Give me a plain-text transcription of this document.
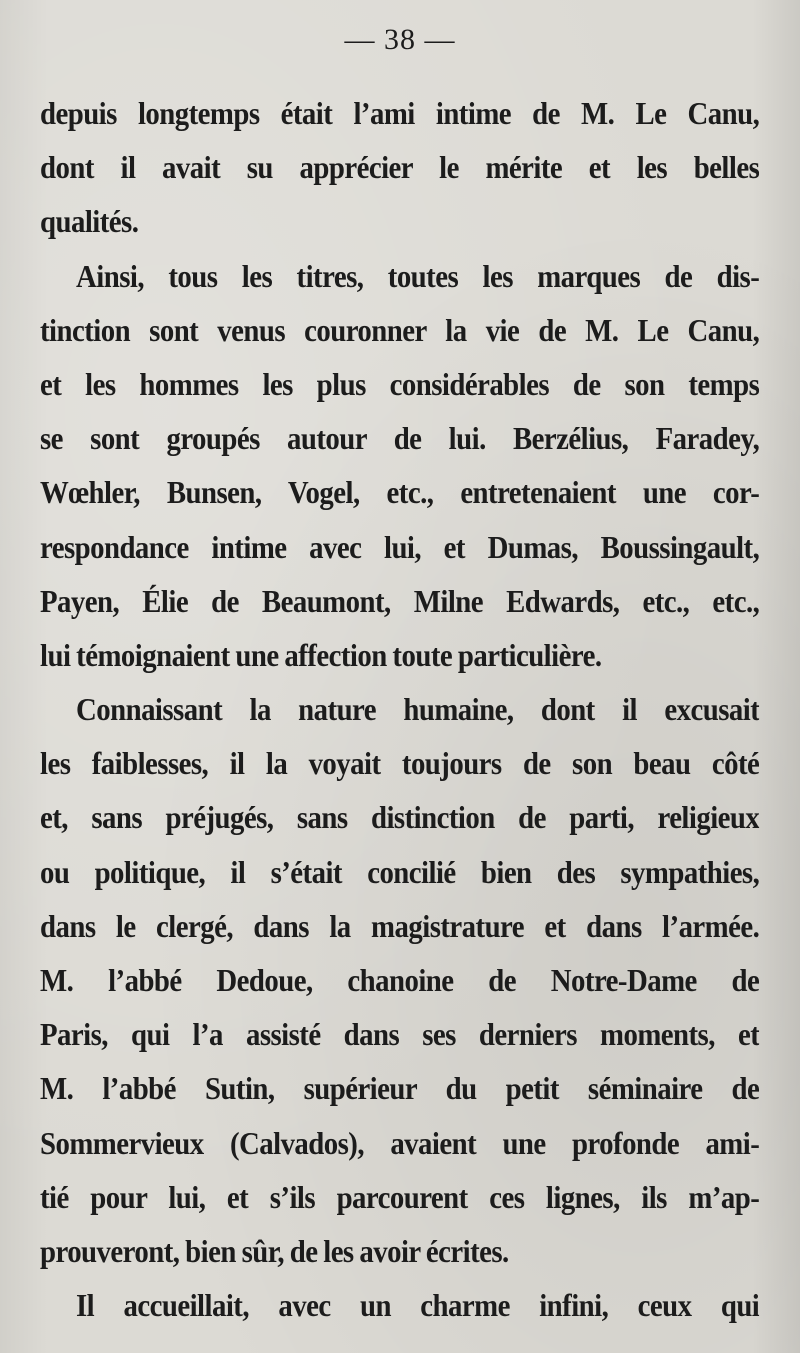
— 38 —
depuis longtemps était l’ami intime de M. Le Canu,
dont il avait su apprécier le mérite et les belles
qualités.
Ainsi, tous les titres, toutes les marques de dis-
tinction sont venus couronner la vie de M. Le Canu,
et les hommes les plus considérables de son temps
se sont groupés autour de lui. Berzélius, Faradey,
Wœhler, Bunsen, Vogel, etc., entretenaient une cor-
respondance intime avec lui, et Dumas, Boussingault,
Payen, Élie de Beaumont, Milne Edwards, etc., etc.,
lui témoignaient une affection toute particulière.
Connaissant la nature humaine, dont il excusait
les faiblesses, il la voyait toujours de son beau côté
et, sans préjugés, sans distinction de parti, religieux
ou politique, il s’était concilié bien des sympathies,
dans le clergé, dans la magistrature et dans l’armée.
M. l’abbé Dedoue, chanoine de Notre-Dame de
Paris, qui l’a assisté dans ses derniers moments, et
M. l’abbé Sutin, supérieur du petit séminaire de
Sommervieux (Calvados), avaient une profonde ami-
tié pour lui, et s’ils parcourent ces lignes, ils m’ap-
prouveront, bien sûr, de les avoir écrites.
Il accueillait, avec un charme infini, ceux qui
